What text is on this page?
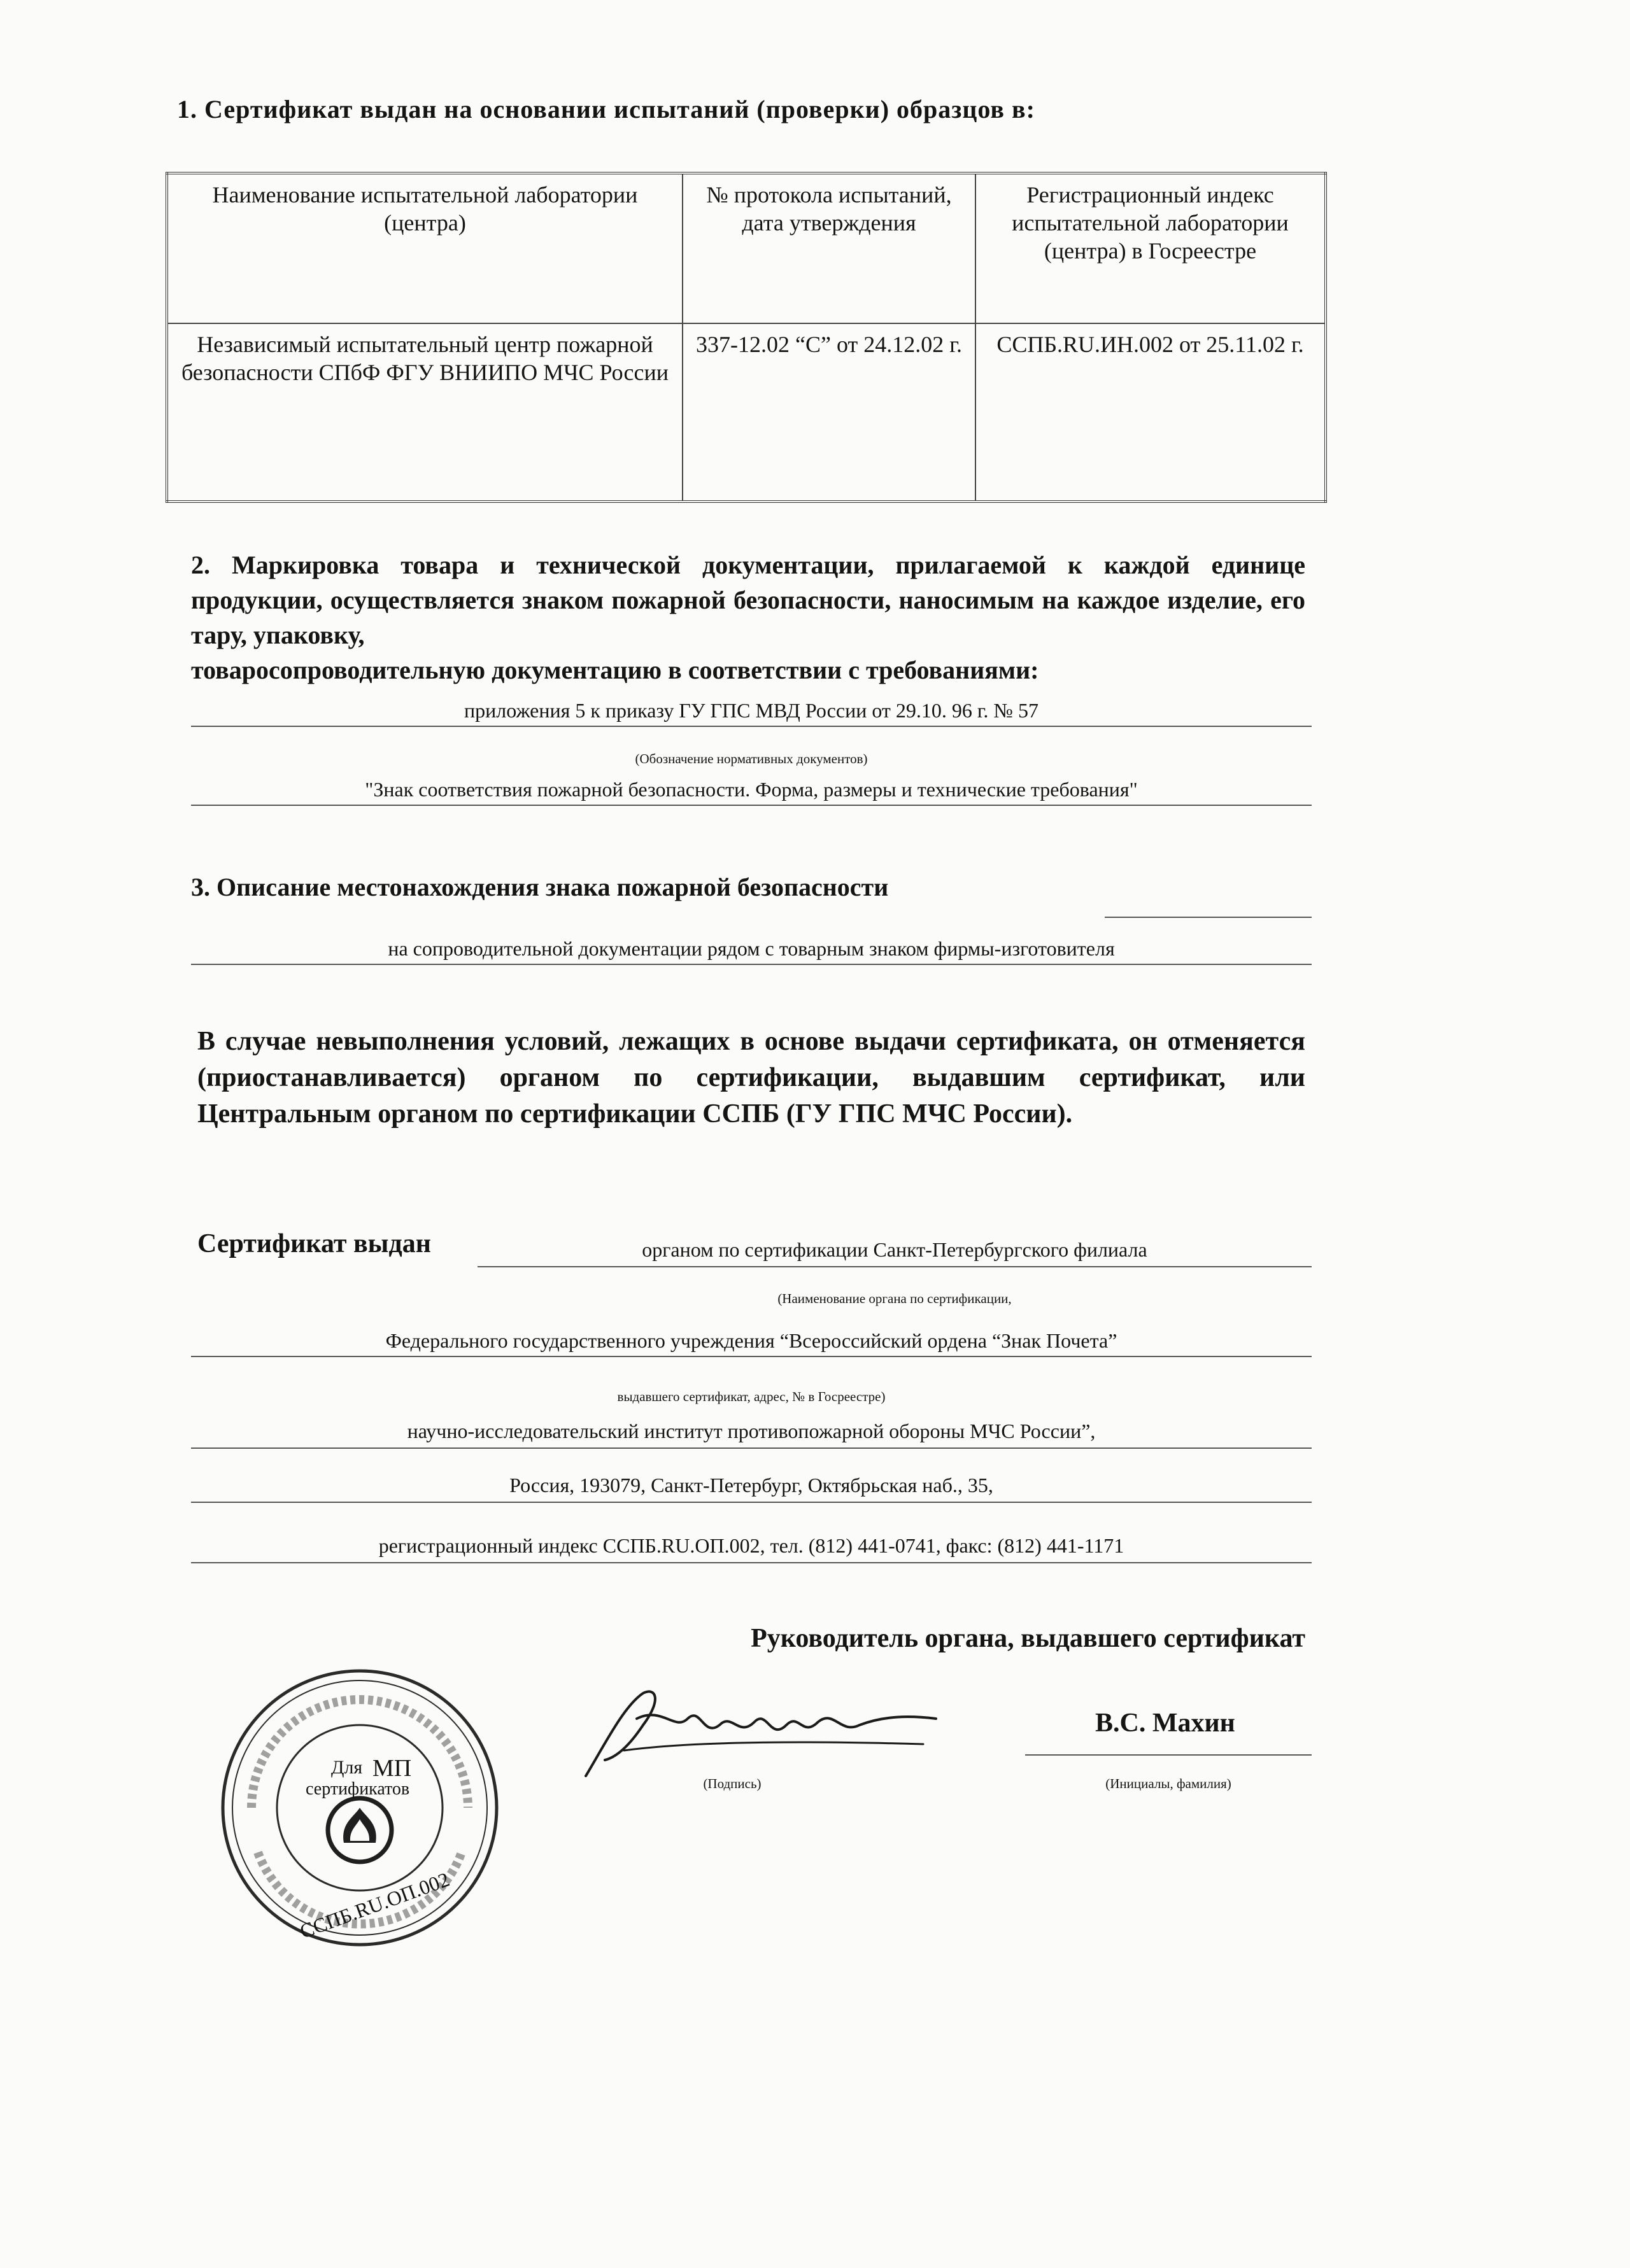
1. Сертификат выдан на основании испытаний (проверки) образцов в:
Наименование испытательной лаборатории (центра)	№ протокола испытаний, дата утверждения	Регистрационный индекс испытательной лаборатории (центра) в Госреестре
Независимый испытательный центр пожарной безопасности СПбФ ФГУ ВНИИПО МЧС России	337-12.02 “С” от 24.12.02 г.	ССПБ.RU.ИН.002 от 25.11.02 г.
2. Маркировка товара и технической документации, прилагаемой к каждой единице продукции, осуществляется знаком пожарной безопасности, наносимым на каждое изделие, его тару, упаковку,
товаросопроводительную документацию в соответствии с требованиями:
приложения 5 к приказу ГУ ГПС МВД России от 29.10. 96 г. № 57
(Обозначение нормативных документов)
"Знак соответствия пожарной безопасности. Форма, размеры и технические требования"
3. Описание местонахождения знака пожарной безопасности
на сопроводительной документации рядом с товарным знаком фирмы-изготовителя
В случае невыполнения условий, лежащих в основе выдачи сертификата, он отменяется (приостанавливается) органом по сертификации, выдавшим сертификат, или Центральным органом по сертификации ССПБ (ГУ ГПС МЧС России).
Сертификат выдан	органом по сертификации Санкт-Петербургского филиала
(Наименование органа по сертификации,
Федерального государственного учреждения “Всероссийский ордена “Знак Почета”
выдавшего сертификат, адрес, № в Госреестре)
научно-исследовательский институт противопожарной обороны МЧС России”,
Россия, 193079, Санкт-Петербург, Октябрьская наб., 35,
регистрационный индекс ССПБ.RU.ОП.002, тел. (812) 441-0741, факс: (812) 441-1171
Руководитель органа, выдавшего сертификат
(Подпись)
В.С. Махин
(Инициалы, фамилия)
Для МП
сертификатов
ССПБ.RU.ОП.002
